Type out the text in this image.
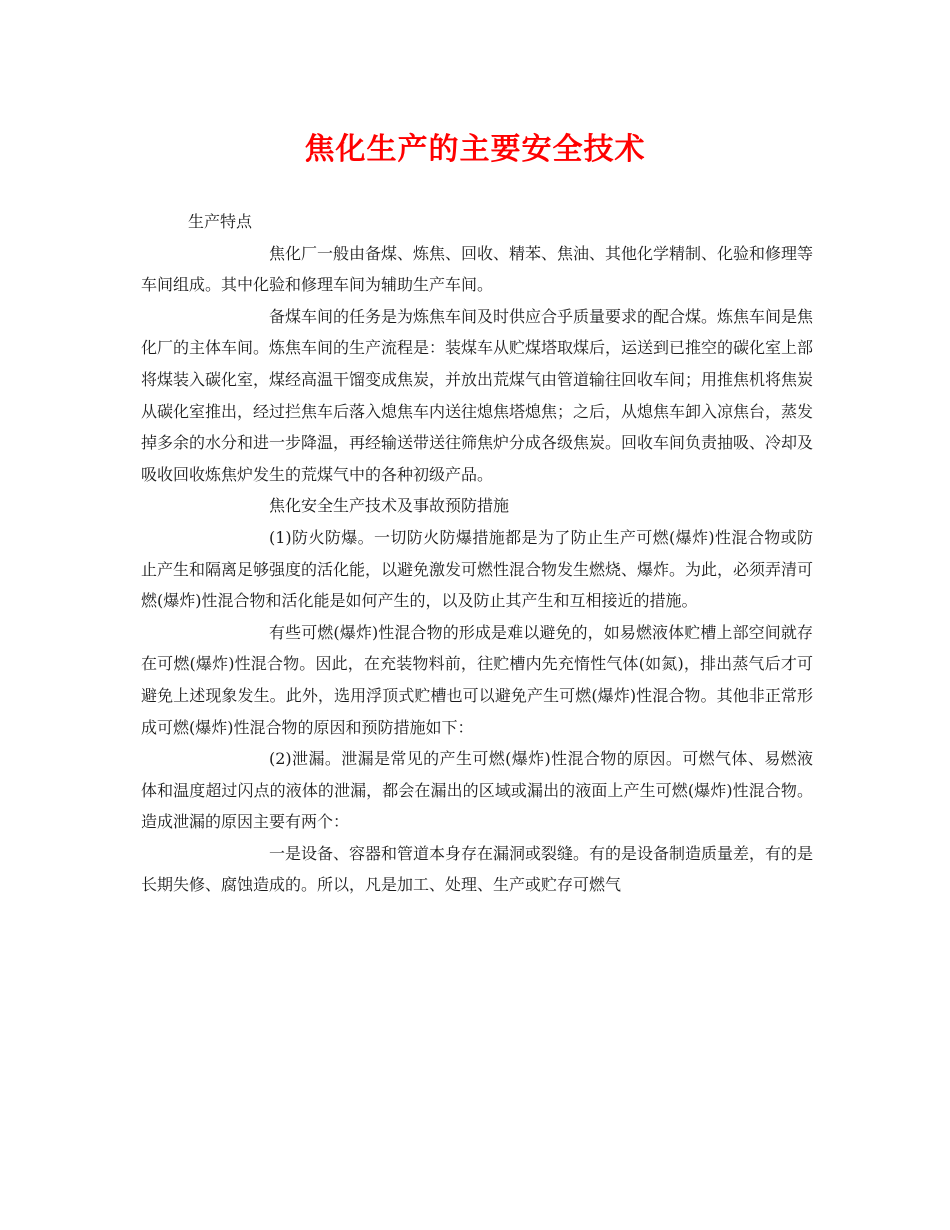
焦化生产的主要安全技术

生产特点

焦化厂一般由备煤、炼焦、回收、精苯、焦油、其他化学精制、化验和修理等车间组成。其中化验和修理车间为辅助生产车间。

备煤车间的任务是为炼焦车间及时供应合乎质量要求的配合煤。炼焦车间是焦化厂的主体车间。炼焦车间的生产流程是：装煤车从贮煤塔取煤后，运送到已推空的碳化室上部将煤装入碳化室，煤经高温干馏变成焦炭，并放出荒煤气由管道输往回收车间；用推焦机将焦炭从碳化室推出，经过拦焦车后落入熄焦车内送往熄焦塔熄焦；之后，从熄焦车卸入凉焦台，蒸发掉多余的水分和进一步降温，再经输送带送往筛焦炉分成各级焦炭。回收车间负责抽吸、冷却及吸收回收炼焦炉发生的荒煤气中的各种初级产品。

焦化安全生产技术及事故预防措施

(1)防火防爆。一切防火防爆措施都是为了防止生产可燃(爆炸)性混合物或防止产生和隔离足够强度的活化能，以避免激发可燃性混合物发生燃烧、爆炸。为此，必须弄清可燃(爆炸)性混合物和活化能是如何产生的，以及防止其产生和互相接近的措施。

有些可燃(爆炸)性混合物的形成是难以避免的，如易燃液体贮槽上部空间就存在可燃(爆炸)性混合物。因此，在充装物料前，往贮槽内先充惰性气体(如氮)，排出蒸气后才可避免上述现象发生。此外，选用浮顶式贮槽也可以避免产生可燃(爆炸)性混合物。其他非正常形成可燃(爆炸)性混合物的原因和预防措施如下：

(2)泄漏。泄漏是常见的产生可燃(爆炸)性混合物的原因。可燃气体、易燃液体和温度超过闪点的液体的泄漏，都会在漏出的区域或漏出的液面上产生可燃(爆炸)性混合物。造成泄漏的原因主要有两个：

一是设备、容器和管道本身存在漏洞或裂缝。有的是设备制造质量差，有的是长期失修、腐蚀造成的。所以，凡是加工、处理、生产或贮存可燃气
